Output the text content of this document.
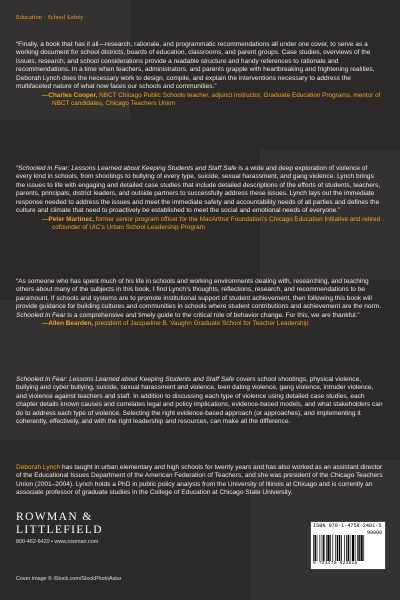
Education · School Safety

“Finally, a book that has it all—research, rationale, and programmatic recommendations all under one cover, to serve as a working document for school districts, boards of education, classrooms, and parent groups. Case studies, overviews of the issues, research, and school considerations provide a readable structure and handy references to rationale and recommendations. In a time when teachers, administrators, and parents grapple with heartbreaking and frightening realities, Deborah Lynch does the necessary work to design, compile, and explain the interventions necessary to address the multifaceted nature of what now faces our schools and communities.”

—Charles Cooper, NBCT Chicago Public Schools teacher, adjunct instructor, Graduate Education Programs, mentor of NBCT candidates, Chicago Teachers Union

“Schooled in Fear: Lessons Learned about Keeping Students and Staff Safe is a wide and deep exploration of violence of every kind in schools, from shootings to bullying of every type, suicide, sexual harassment, and gang violence. Lynch brings the issues to life with engaging and detailed case studies that include detailed descriptions of the efforts of students, teachers, parents, principals, district leaders, and outside partners to successfully address these issues. Lynch lays out the immediate response needed to address the issues and meet the immediate safety and accountability needs of all parties and defines the culture and climate that need to proactively be established to meet the social and emotional needs of everyone.”

—Peter Martinez, former senior program officer for the MacArthur Foundation’s Chicago Education Initiative and retired cofounder of UIC’s Urban School Leadership Program

“As someone who has spent much of his life in schools and working environments dealing with, researching, and teaching others about many of the subjects in this book, I find Lynch’s thoughts, reflections, research, and recommendations to be paramount. If schools and systems are to promote institutional support of student achievement, then following this book will provide guidance for building cultures and communities in schools where student contributions and achievement are the norm. Schooled in Fear is a comprehensive and timely guide to the critical role of behavior change. For this, we are thankful.”

—Allen Bearden, president of Jacqueline B. Vaughn Graduate School for Teacher Leadership

Schooled in Fear: Lessons Learned about Keeping Students and Staff Safe covers school shootings, physical violence, bullying and cyber bullying, suicide, sexual harassment and violence, teen dating violence, gang violence, intruder violence, and violence against teachers and staff. In addition to discussing each type of violence using detailed case studies, each chapter details known causes and correlates legal and policy implications, evidence-based models, and what stakeholders can do to address each type of violence. Selecting the right evidence-based approach (or approaches), and implementing it coherently, effectively, and with the right leadership and resources, can make all the difference.

Deborah Lynch has taught in urban elementary and high schools for twenty years and has also worked as an assistant director of the Educational Issues Department of the American Federation of Teachers, and she was president of the Chicago Teachers Union (2001–2004). Lynch holds a PhD in public policy analysis from the University of Illinois at Chicago and is currently an associate professor of graduate studies in the College of Education at Chicago State University.

ROWMAN &
LITTLEFIELD
800-462-6420 • www.rowman.com
Cover image © iStock.com/StockPhotoAstur
ISBN 978-1-4758-2481-5
90000
9 781475 824815
